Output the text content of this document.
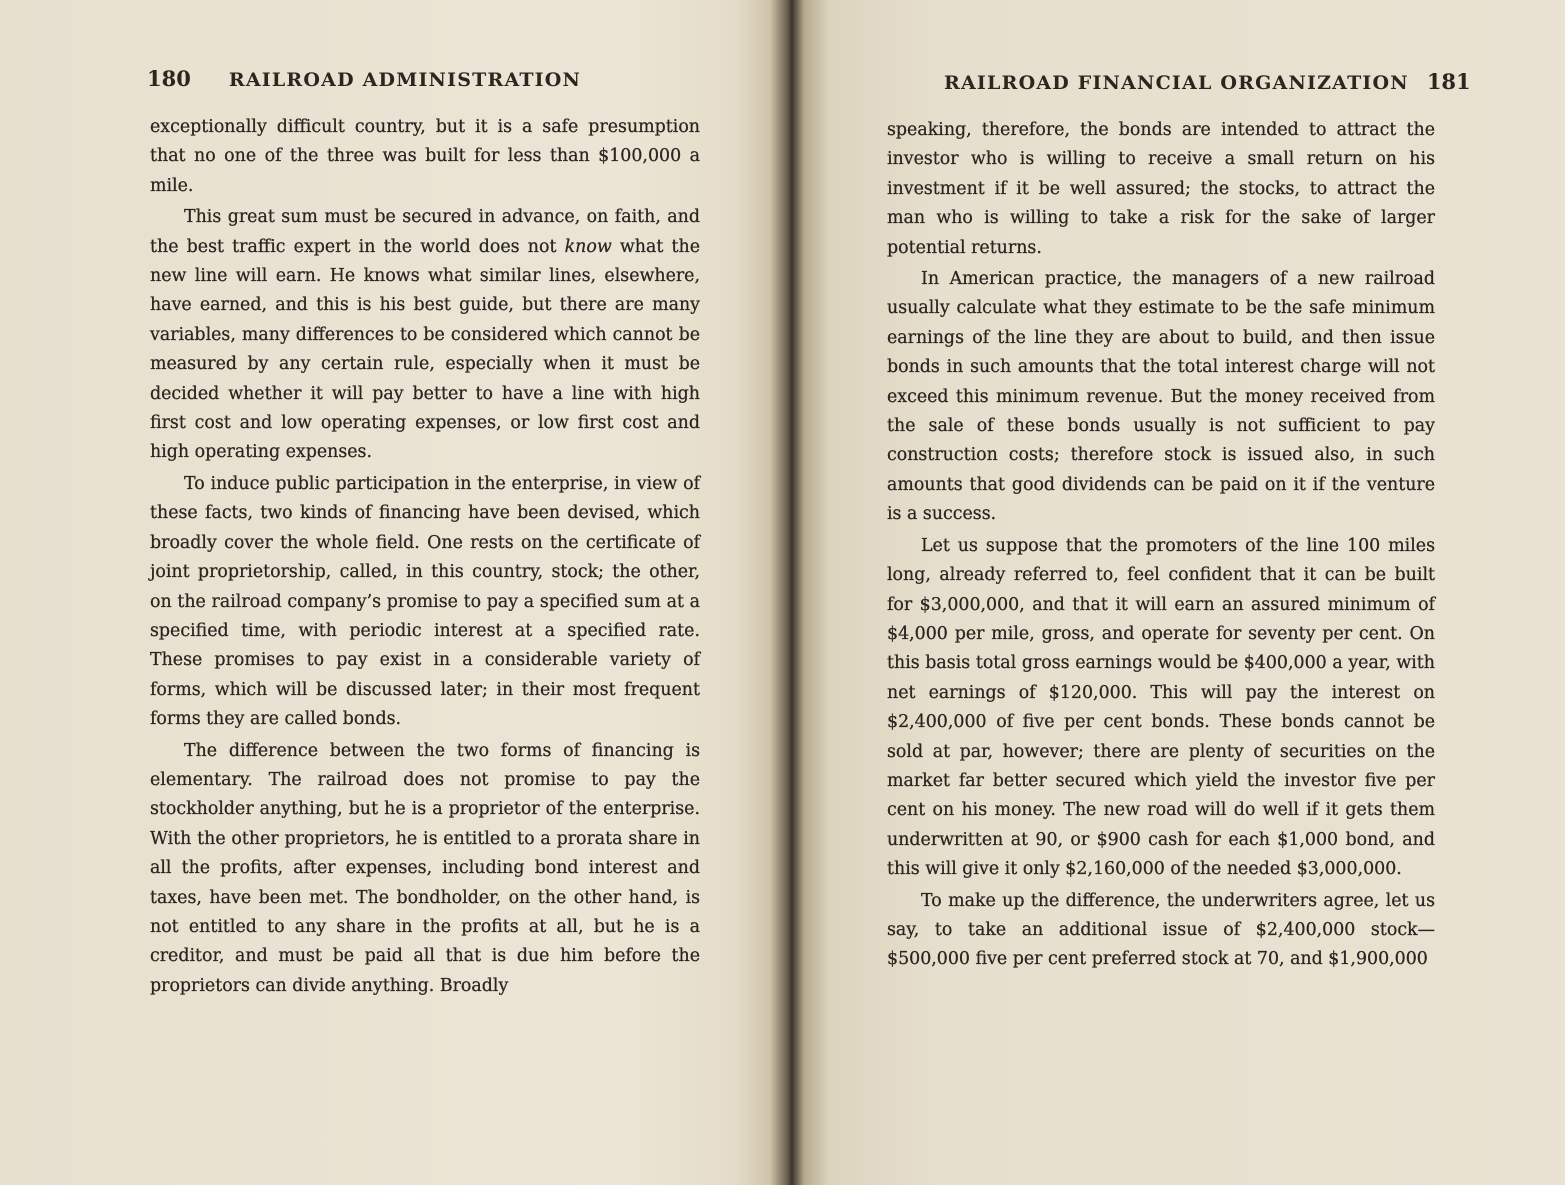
180 RAILROAD ADMINISTRATION

exceptionally difficult country, but it is a safe presumption that no one of the three was built for less than $100,000 a mile.

This great sum must be secured in advance, on faith, and the best traffic expert in the world does not know what the new line will earn. He knows what similar lines, elsewhere, have earned, and this is his best guide, but there are many variables, many differences to be considered which cannot be measured by any certain rule, especially when it must be decided whether it will pay better to have a line with high first cost and low operating expenses, or low first cost and high operating expenses.

To induce public participation in the enterprise, in view of these facts, two kinds of financing have been devised, which broadly cover the whole field. One rests on the certificate of joint proprietorship, called, in this country, stock; the other, on the railroad company’s promise to pay a specified sum at a specified time, with periodic interest at a specified rate. These promises to pay exist in a considerable variety of forms, which will be discussed later; in their most frequent forms they are called bonds.

The difference between the two forms of financing is elementary. The railroad does not promise to pay the stockholder anything, but he is a proprietor of the enterprise. With the other proprietors, he is entitled to a prorata share in all the profits, after expenses, including bond interest and taxes, have been met. The bondholder, on the other hand, is not entitled to any share in the profits at all, but he is a creditor, and must be paid all that is due him before the proprietors can divide anything. Broadly

RAILROAD FINANCIAL ORGANIZATION 181

speaking, therefore, the bonds are intended to attract the investor who is willing to receive a small return on his investment if it be well assured; the stocks, to attract the man who is willing to take a risk for the sake of larger potential returns.

In American practice, the managers of a new railroad usually calculate what they estimate to be the safe minimum earnings of the line they are about to build, and then issue bonds in such amounts that the total interest charge will not exceed this minimum revenue. But the money received from the sale of these bonds usually is not sufficient to pay construction costs; therefore stock is issued also, in such amounts that good dividends can be paid on it if the venture is a success.

Let us suppose that the promoters of the line 100 miles long, already referred to, feel confident that it can be built for $3,000,000, and that it will earn an assured minimum of $4,000 per mile, gross, and operate for seventy per cent. On this basis total gross earnings would be $400,000 a year, with net earnings of $120,000. This will pay the interest on $2,400,000 of five per cent bonds. These bonds cannot be sold at par, however; there are plenty of securities on the market far better secured which yield the investor five per cent on his money. The new road will do well if it gets them underwritten at 90, or $900 cash for each $1,000 bond, and this will give it only $2,160,000 of the needed $3,000,000.

To make up the difference, the underwriters agree, let us say, to take an additional issue of $2,400,000 stock—$500,000 five per cent preferred stock at 70, and $1,900,000
